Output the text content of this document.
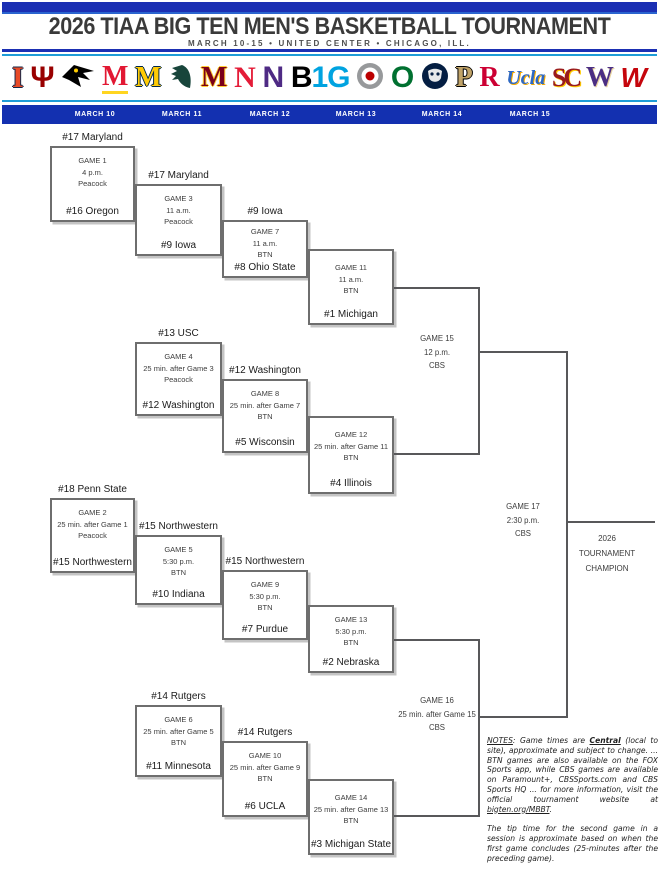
2026 TIAA BIG TEN MEN'S BASKETBALL TOURNAMENT
MARCH 10-15 • UNITED CENTER • CHICAGO, ILL.
I Ψ M M M N N B1G O P R Ucla SC W W
MARCH 10	MARCH 11	MARCH 12	MARCH 13	MARCH 14	MARCH 15
#17 Maryland
GAME 1
4 p.m.
Peacock
#16 Oregon
#17 Maryland
GAME 3
11 a.m.
Peacock
#9 Iowa
#9 Iowa
GAME 7
11 a.m.
BTN
#8 Ohio State	GAME 11
11 a.m.
BTN
#1 Michigan
#13 USC
GAME 4
25 min. after Game 3
Peacock
#12 Washington
#12 Washington
GAME 8
25 min. after Game 7
BTN
#5 Wisconsin
GAME 12
25 min. after Game 11
BTN
#4 Illinois
#18 Penn State
GAME 2
25 min. after Game 1
Peacock
#15 Northwestern
#15 Northwestern
GAME 5
5:30 p.m.
BTN
#10 Indiana
#15 Northwestern
GAME 9
5:30 p.m.
BTN
#7 Purdue
GAME 13
5:30 p.m.
BTN
#2 Nebraska
#14 Rutgers
GAME 6
25 min. after Game 5
BTN
#11 Minnesota
#14 Rutgers
GAME 10
25 min. after Game 9
BTN
#6 UCLA
GAME 14
25 min. after Game 13
BTN
#3 Michigan State
GAME 15
12 p.m.
CBS
GAME 16
25 min. after Game 15
CBS
GAME 17
2:30 p.m.
CBS
2026
TOURNAMENT
CHAMPION
NOTES: Game times are Central (local to site), approximate and subject to change. ... BTN games are also available on the FOX Sports app, while CBS games are available on Paramount+, CBSSports.com and CBS Sports HQ ... for more information, visit the official tournament website at bigten.org/MBBT.
The tip time for the second game in a session is approximate based on when the first game concludes (25-minutes after the preceding game).
